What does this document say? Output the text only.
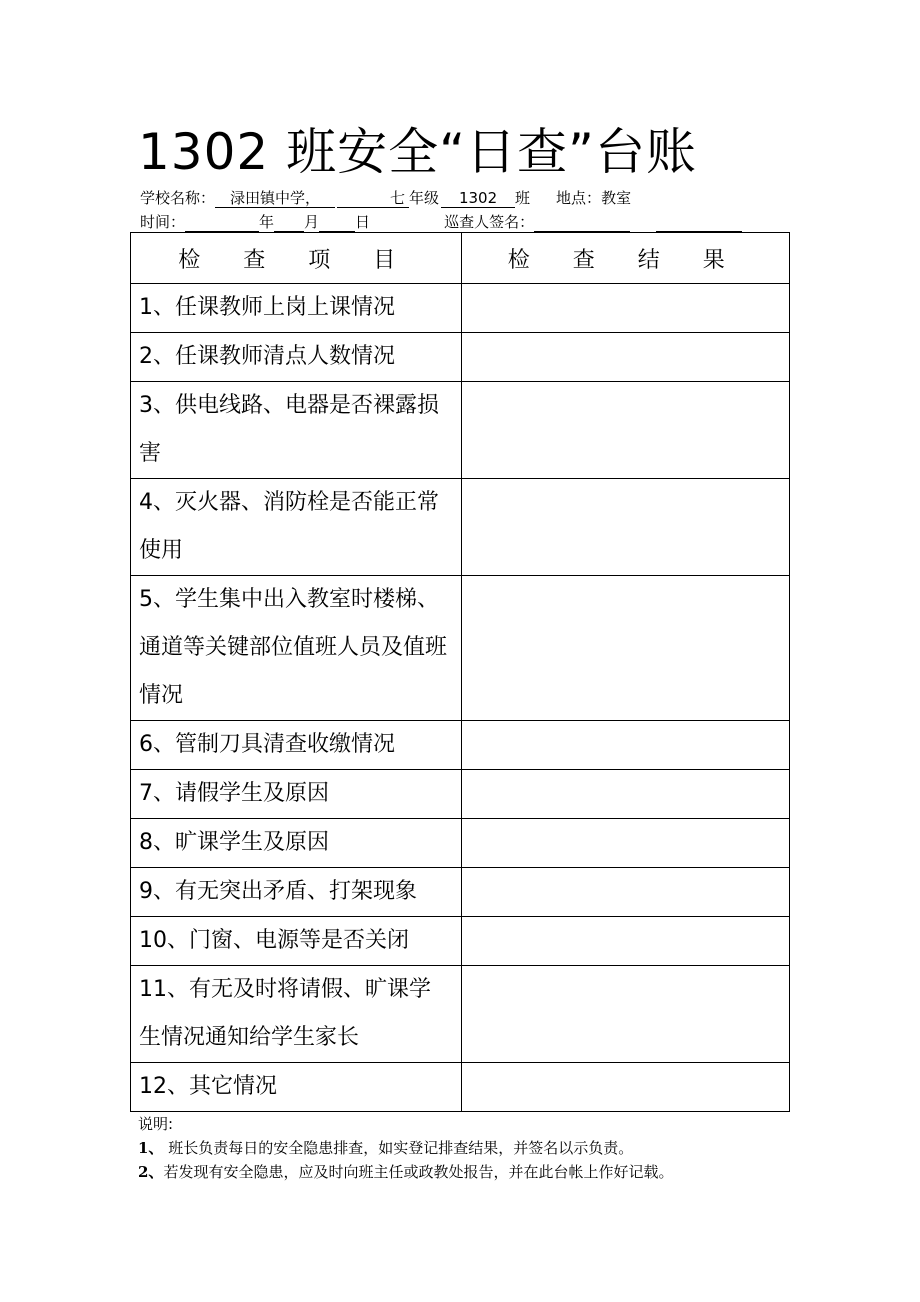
1302 班安全“日查”台账
学校名称： 渌田镇中学，	七 年级 1302 班 地点：教室
时间：	年 月 日	巡查人签名：
检 查 项 目	检 查 结 果
1、任课教师上岗上课情况	
2、任课教师清点人数情况	
3、供电线路、电器是否裸露损害	
4、灭火器、消防栓是否能正常使用	
5、学生集中出入教室时楼梯、通道等关键部位值班人员及值班情况	
6、管制刀具清查收缴情况	
7、请假学生及原因	
8、旷课学生及原因	
9、有无突出矛盾、打架现象	
10、门窗、电源等是否关闭	
11、有无及时将请假、旷课学生情况通知给学生家长	
12、其它情况	
说明:
1、 班长负责每日的安全隐患排查，如实登记排查结果，并签名以示负责。
2、若发现有安全隐患，应及时向班主任或政教处报告，并在此台帐上作好记载。
